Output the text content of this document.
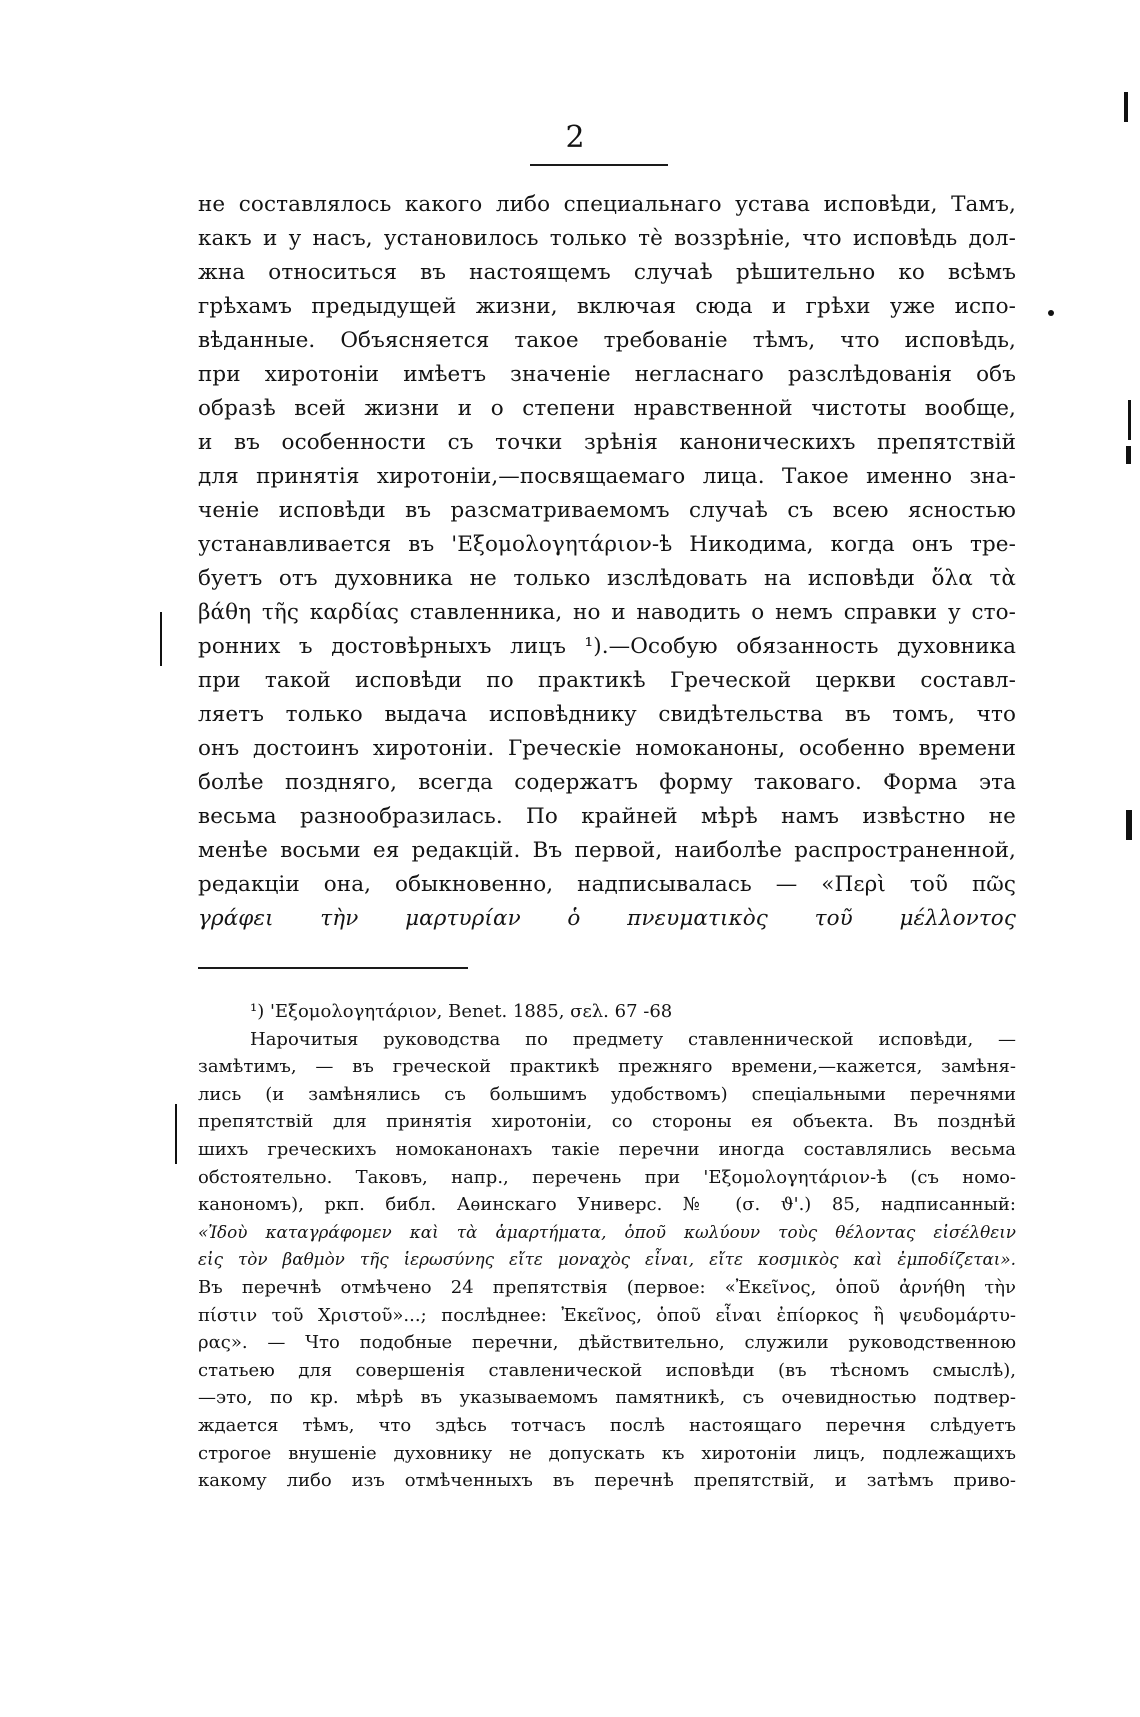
2
не составлялось какого либо специальнаго устава исповѣди, Тамъ,
какъ и у насъ, установилось только тѐ воззрѣніе, что исповѣдь дол-
жна относиться въ настоящемъ случаѣ рѣшительно ко всѣмъ
грѣхамъ предыдущей жизни, включая сюда и грѣхи уже испо-
вѣданные. Объясняется такое требованіе тѣмъ, что исповѣдь,
при хиротоніи имѣетъ значеніе негласнаго разслѣдованія объ
образѣ всей жизни и о степени нравственной чистоты вообще,
и въ особенности съ точки зрѣнія каноническихъ препятствій
для принятія хиротоніи,—посвящаемаго лица. Такое именно зна-
ченіе исповѣди въ разсматриваемомъ случаѣ съ всею ясностью
устанавливается въ 'Εξομολογητάριον-ѣ Никодима, когда онъ тре-
буетъ отъ духовника не только изслѣдовать на исповѣди ὅλα τὰ
βάθη τῆς καρδίας ставленника, но и наводить о немъ справки у сто-
ронних ъ достовѣрныхъ лицъ ¹).—Особую обязанность духовника
при такой исповѣди по практикѣ Греческой церкви составл-
ляетъ только выдача исповѣднику свидѣтельства въ томъ, что
онъ достоинъ хиротоніи. Греческіе номоканоны, особенно времени
болѣе поздняго, всегда содержатъ форму таковаго. Форма эта
весьма разнообразилась. По крайней мѣрѣ намъ извѣстно не
менѣе восьми ея редакцій. Въ первой, наиболѣе распространенной,
редакціи она, обыкновенно, надписывалась — «Περὶ τοῦ πῶς
γράφει τὴν μαρτυρίαν ὁ πνευματικὸς τοῦ μέλλοντος
¹) 'Εξομολογητάριον, Benet. 1885, σελ. 67 -68
Нарочитыя руководства по предмету ставленнической исповѣди, —
замѣтимъ, — въ греческой практикѣ прежняго времени,—кажется, замѣня-
лись (и замѣнялись съ большимъ удобствомъ) спеціальными перечнями
препятствій для принятія хиротоніи, со стороны ея объекта. Въ позднѣй
шихъ греческихъ номоканонахъ такіе перечни иногда составлялись весьма
обстоятельно. Таковъ, напр., перечень при 'Εξομολογητάριον-ѣ (съ номо-
канономъ), ркп. библ. Аѳинскаго Универс. № (σ. ϑ'.) 85, надписанный:
«Ἰδοὺ καταγράφομεν καὶ τὰ ἁμαρτήματα, ὁποῦ κωλύουν τοὺς θέλοντας εἰσέλθειν
εἰς τὸν βαθμὸν τῆς ἱερωσύνης εἴτε μοναχὸς εἶναι, εἴτε κοσμικὸς καὶ ἐμποδίζεται».
Въ перечнѣ отмѣчено 24 препятствія (первое: «Ἐκεῖνος, ὁποῦ ἀρνήθη τὴν
πίστιν τοῦ Χριστοῦ»...; послѣднее: Ἐκεῖνος, ὁποῦ εἶναι ἐπίορκος ἢ ψευδομάρτυ-
ρας». — Что подобные перечни, дѣйствительно, служили руководственною
статьею для совершенія ставленической исповѣди (въ тѣсномъ смыслѣ),
—это, по кр. мѣрѣ въ указываемомъ памятникѣ, съ очевидностью подтвер-
ждается тѣмъ, что здѣсь тотчасъ послѣ настоящаго перечня слѣдуетъ
строгое внушеніе духовнику не допускать къ хиротоніи лицъ, подлежащихъ
какому либо изъ отмѣченныхъ въ перечнѣ препятствій, и затѣмъ приво-
